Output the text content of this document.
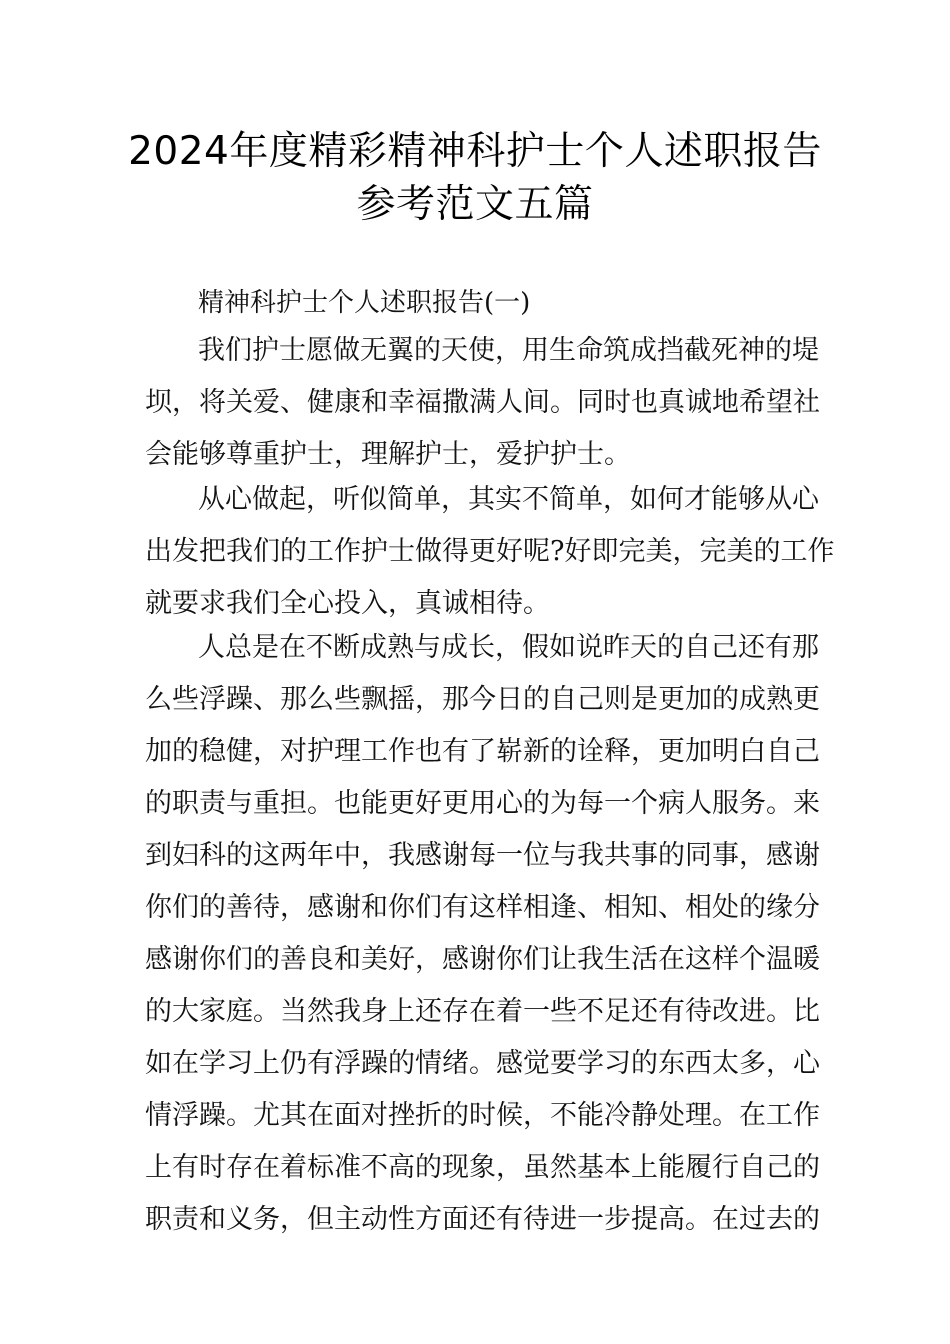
2024年度精彩精神科护士个人述职报告
参考范文五篇
精神科护士个人述职报告(一)
我们护士愿做无翼的天使，用生命筑成挡截死神的堤
坝，将关爱、健康和幸福撒满人间。同时也真诚地希望社
会能够尊重护士，理解护士，爱护护士。
从心做起，听似简单，其实不简单，如何才能够从心
出发把我们的工作护士做得更好呢?好即完美，完美的工作
就要求我们全心投入，真诚相待。
人总是在不断成熟与成长，假如说昨天的自己还有那
么些浮躁、那么些飘摇，那今日的自己则是更加的成熟更
加的稳健，对护理工作也有了崭新的诠释，更加明白自己
的职责与重担。也能更好更用心的为每一个病人服务。来
到妇科的这两年中，我感谢每一位与我共事的同事，感谢
你们的善待，感谢和你们有这样相逢、相知、相处的缘分
感谢你们的善良和美好，感谢你们让我生活在这样个温暖
的大家庭。当然我身上还存在着一些不足还有待改进。比
如在学习上仍有浮躁的情绪。感觉要学习的东西太多，心
情浮躁。尤其在面对挫折的时候，不能冷静处理。在工作
上有时存在着标准不高的现象，虽然基本上能履行自己的
职责和义务，但主动性方面还有待进一步提高。在过去的
